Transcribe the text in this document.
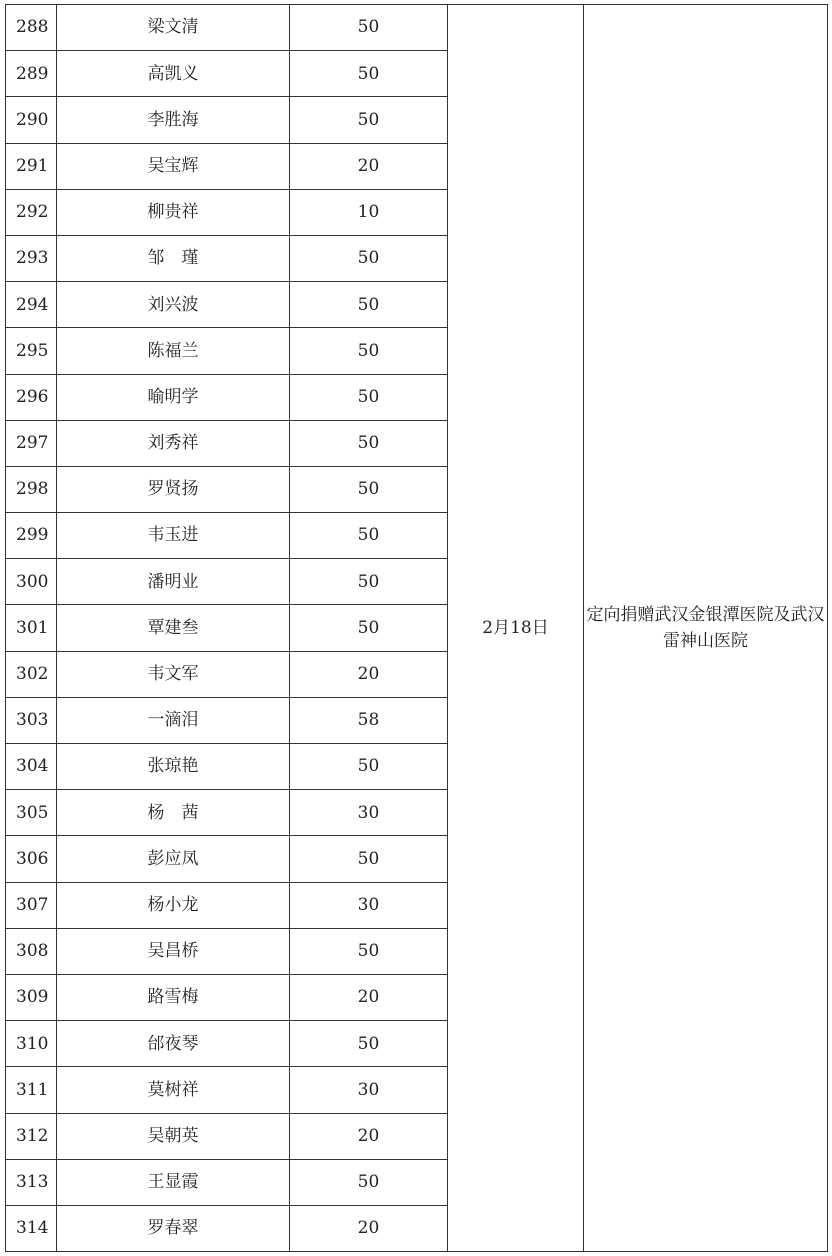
288	梁文清	50	2月18日	定向捐赠武汉金银潭医院及武汉雷神山医院
289	高凯义	50		
290	李胜海	50		
291	吴宝辉	20		
292	柳贵祥	10		
293	邹　瑾	50		
294	刘兴波	50		
295	陈福兰	50		
296	喻明学	50		
297	刘秀祥	50		
298	罗贤扬	50		
299	韦玉进	50		
300	潘明业	50		
301	覃建叁	50		
302	韦文军	20		
303	一滴泪	58		
304	张琼艳	50		
305	杨　茜	30		
306	彭应凤	50		
307	杨小龙	30		
308	吴昌桥	50		
309	路雪梅	20		
310	邰夜琴	50		
311	莫树祥	30		
312	吴朝英	20		
313	王显霞	50		
314	罗春翠	20		
